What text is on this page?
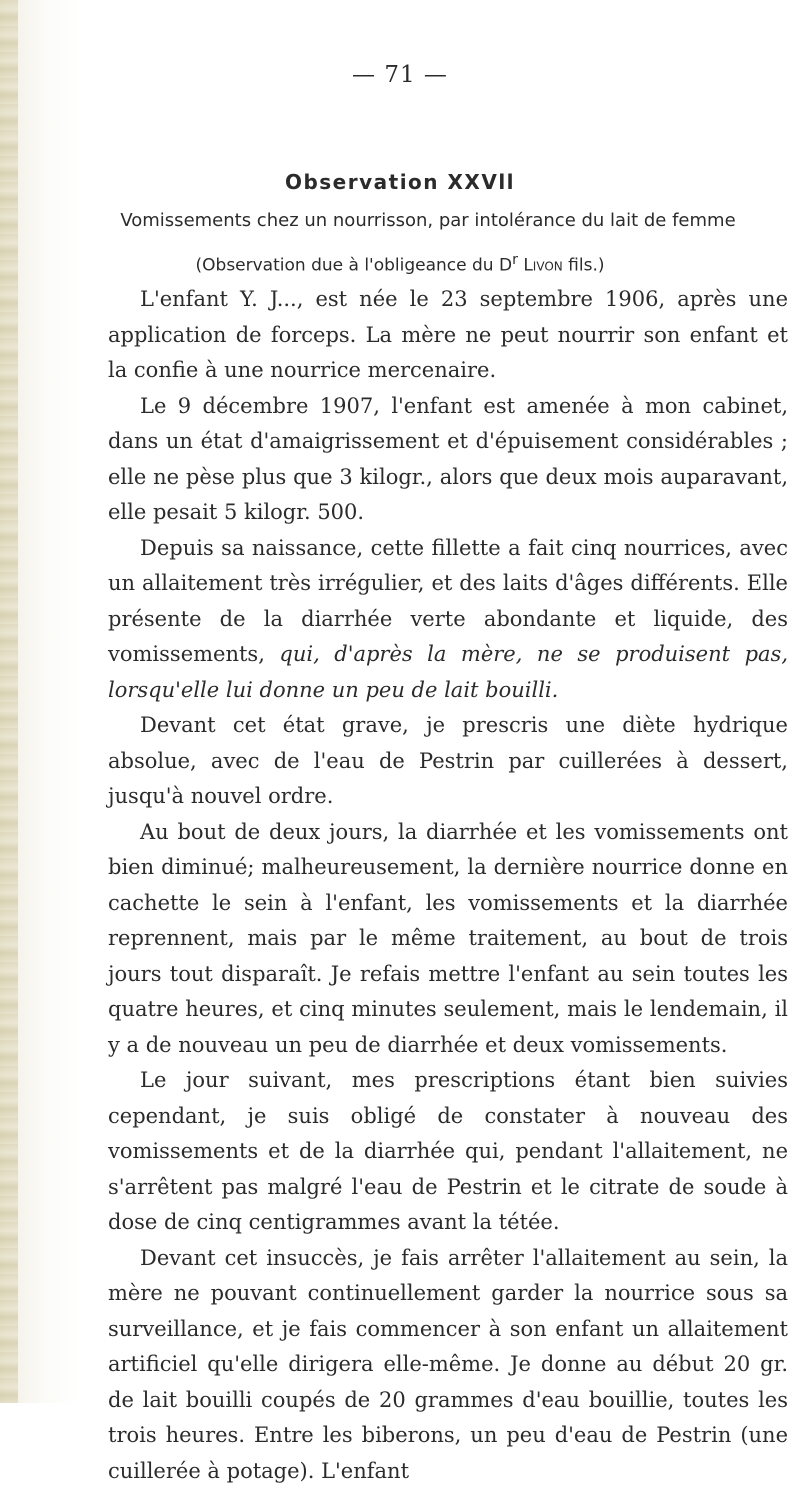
— 71 —
Observation XXVll
Vomissements chez un nourrisson, par intolérance du lait de femme
(Observation due à l'obligeance du $D^r$ Livon fils.)

L'enfant Y. J..., est née le 23 septembre 1906, après une application de forceps. La mère ne peut nourrir son enfant et la confie à une nourrice mercenaire.

Le 9 décembre 1907, l'enfant est amenée à mon cabinet, dans un état d'amaigrissement et d'épuisement considérables ; elle ne pèse plus que 3 kilogr., alors que deux mois auparavant, elle pesait 5 kilogr. 500.

Depuis sa naissance, cette fillette a fait cinq nourrices, avec un allaitement très irrégulier, et des laits d'âges différents. Elle présente de la diarrhée verte abondante et liquide, des vomissements, qui, d'après la mère, ne se produisent pas, lorsqu'elle lui donne un peu de lait bouilli.

Devant cet état grave, je prescris une diète hydrique absolue, avec de l'eau de Pestrin par cuillerées à dessert, jusqu'à nouvel ordre.

Au bout de deux jours, la diarrhée et les vomissements ont bien diminué; malheureusement, la dernière nourrice donne en cachette le sein à l'enfant, les vomissements et la diarrhée reprennent, mais par le même traitement, au bout de trois jours tout disparaît. Je refais mettre l'enfant au sein toutes les quatre heures, et cinq minutes seulement, mais le lendemain, il y a de nouveau un peu de diarrhée et deux vomissements.

Le jour suivant, mes prescriptions étant bien suivies cependant, je suis obligé de constater à nouveau des vomissements et de la diarrhée qui, pendant l'allaitement, ne s'arrêtent pas malgré l'eau de Pestrin et le citrate de soude à dose de cinq centigrammes avant la tétée.

Devant cet insuccès, je fais arrêter l'allaitement au sein, la mère ne pouvant continuellement garder la nourrice sous sa surveillance, et je fais commencer à son enfant un allaitement artificiel qu'elle dirigera elle-même. Je donne au début 20 gr. de lait bouilli coupés de 20 grammes d'eau bouillie, toutes les trois heures. Entre les biberons, un peu d'eau de Pestrin (une cuillerée à potage). L'enfant
